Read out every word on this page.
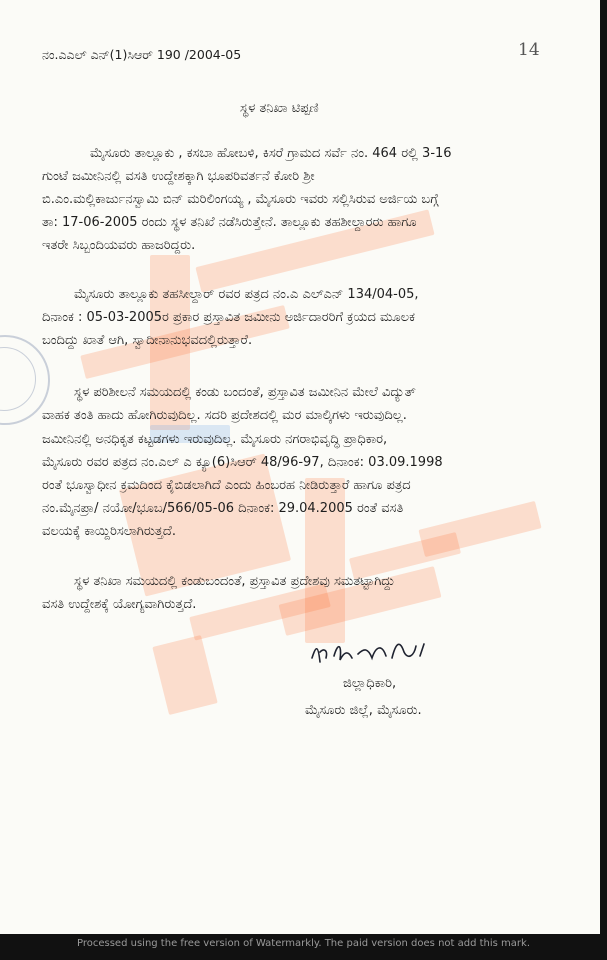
14
ನಂ.ಎಎಲ್ ಎನ್(1)ಸಿಆರ್ 190 /2004-05
ಸ್ಥಳ ತನಿಖಾ ಟಿಪ್ಪಣಿ
ಮೈಸೂರು ತಾಲ್ಲೂಕು , ಕಸಬಾ ಹೋಬಳಿ, ಕಿಸರೆ ಗ್ರಾಮದ ಸರ್ವೆ ನಂ. 464 ರಲ್ಲಿ 3-16
ಗುಂಟೆ ಜಮೀನಿನಲ್ಲಿ ವಸತಿ ಉದ್ದೇಶಕ್ಕಾಗಿ ಭೂಪರಿವರ್ತನೆ ಕೋರಿ ಶ್ರೀ
ಬಿ.ಎಂ.ಮಲ್ಲಿಕಾರ್ಜುನಸ್ವಾಮಿ ಬಿನ್ ಮರಿಲಿಂಗಯ್ಯ , ಮೈಸೂರು ಇವರು ಸಲ್ಲಿಸಿರುವ ಅರ್ಜಿಯ ಬಗ್ಗೆ
ತಾ: 17-06-2005 ರಂದು ಸ್ಥಳ ತನಿಖೆ ನಡೆಸಿರುತ್ತೇನೆ. ತಾಲ್ಲೂಕು ತಹಶೀಲ್ದಾರರು ಹಾಗೂ
ಇತರೇ ಸಿಬ್ಬಂದಿಯವರು ಹಾಜರಿದ್ದರು.
ಮೈಸೂರು ತಾಲ್ಲೂಕು ತಹಸೀಲ್ದಾರ್ ರವರ ಪತ್ರದ ನಂ.ಎ ಎಲ್ಎನ್ 134/04-05,
ದಿನಾಂಕ : 05-03-2005ರ ಪ್ರಕಾರ ಪ್ರಸ್ತಾವಿತ ಜಮೀನು ಅರ್ಜಿದಾರರಿಗೆ ಕ್ರಯದ ಮೂಲಕ
ಬಂದಿದ್ದು ಖಾತೆ ಆಗಿ, ಸ್ವಾದೀನಾನುಭವದಲ್ಲಿರುತ್ತಾರೆ.
ಸ್ಥಳ ಪರಿಶೀಲನೆ ಸಮಯದಲ್ಲಿ ಕಂಡು ಬಂದಂತೆ, ಪ್ರಸ್ತಾವಿತ ಜಮೀನಿನ ಮೇಲೆ ವಿದ್ಯುತ್
ವಾಹಕ ತಂತಿ ಹಾದು ಹೋಗಿರುವುದಿಲ್ಲ. ಸದರಿ ಪ್ರದೇಶದಲ್ಲಿ ಮರ ಮಾಲ್ಕಿಗಳು ಇರುವುದಿಲ್ಲ.
ಜಮೀನಿನಲ್ಲಿ ಅನಧಿಕೃತ ಕಟ್ಟಡಗಳು ಇರುವುದಿಲ್ಲ. ಮೈಸೂರು ನಗರಾಭಿವೃದ್ಧಿ ಪ್ರಾಧಿಕಾರ,
ಮೈಸೂರು ರವರ ಪತ್ರದ ನಂ.ಎಲ್ ಎ ಕ್ಯೂ(6)ಸಿಆರ್ 48/96-97, ದಿನಾಂಕ: 03.09.1998
ರಂತೆ ಭೂಸ್ವಾಧೀನ ಕ್ರಮದಿಂದ ಕೈಬಿಡಲಾಗಿದೆ ಎಂದು ಹಿಂಬರಹ ನೀಡಿರುತ್ತಾರೆ ಹಾಗೂ ಪತ್ರದ
ನಂ.ಮೈನಪ್ರಾ/ ನಯೋ/ಭೂಬ/566/05-06 ದಿನಾಂಕ: 29.04.2005 ರಂತೆ ವಸತಿ
ವಲಯಕ್ಕೆ ಕಾಯ್ದಿರಿಸಲಾಗಿರುತ್ತದೆ.
ಸ್ಥಳ ತನಿಖಾ ಸಮಯದಲ್ಲಿ ಕಂಡುಬಂದಂತೆ, ಪ್ರಸ್ತಾವಿತ ಪ್ರದೇಶವು ಸಮತಟ್ಟಾಗಿದ್ದು
ವಸತಿ ಉದ್ದೇಶಕ್ಕೆ ಯೋಗ್ಯವಾಗಿರುತ್ತದೆ.
ಜಿಲ್ಲಾಧಿಕಾರಿ,
ಮೈಸೂರು ಜಿಲ್ಲೆ, ಮೈಸೂರು.
Processed using the free version of Watermarkly. The paid version does not add this mark.
